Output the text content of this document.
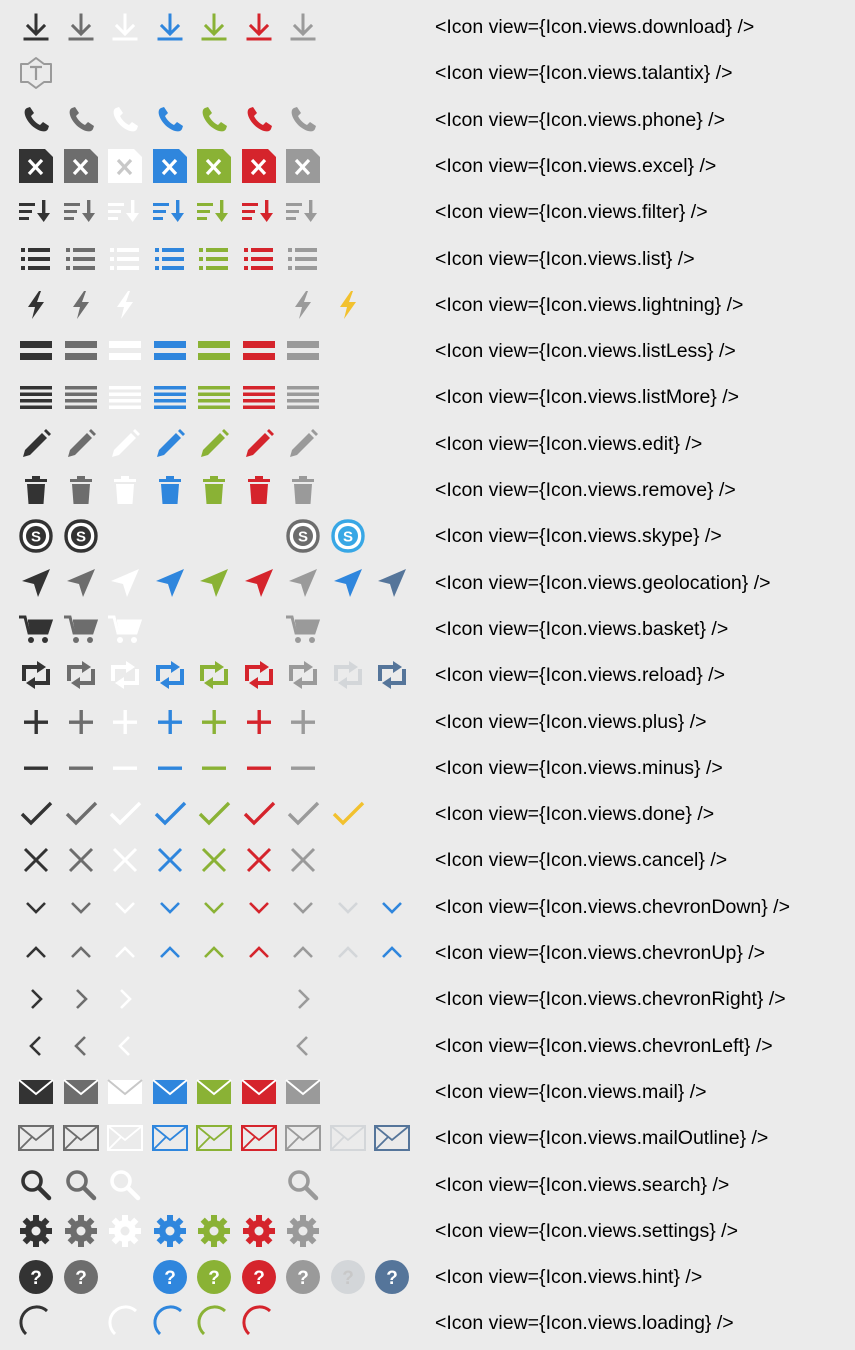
<Icon view={Icon.views.download} />
<Icon view={Icon.views.talantix} />
<Icon view={Icon.views.phone} />
<Icon view={Icon.views.excel} />
<Icon view={Icon.views.filter} />
<Icon view={Icon.views.list} />
<Icon view={Icon.views.lightning} />
<Icon view={Icon.views.listLess} />
<Icon view={Icon.views.listMore} />
<Icon view={Icon.views.edit} />
<Icon view={Icon.views.remove} />
S S	S S	<Icon view={Icon.views.skype} />
<Icon view={Icon.views.geolocation} />
<Icon view={Icon.views.basket} />
<Icon view={Icon.views.reload} />
<Icon view={Icon.views.plus} />
<Icon view={Icon.views.minus} />
<Icon view={Icon.views.done} />
<Icon view={Icon.views.cancel} />
<Icon view={Icon.views.chevronDown} />
<Icon view={Icon.views.chevronUp} />
<Icon view={Icon.views.chevronRight} />
<Icon view={Icon.views.chevronLeft} />
<Icon view={Icon.views.mail} />
<Icon view={Icon.views.mailOutline} />
<Icon view={Icon.views.search} />
<Icon view={Icon.views.settings} />
? ?	? ? ? ? ? ? <Icon view={Icon.views.hint} />
<Icon view={Icon.views.loading} />
